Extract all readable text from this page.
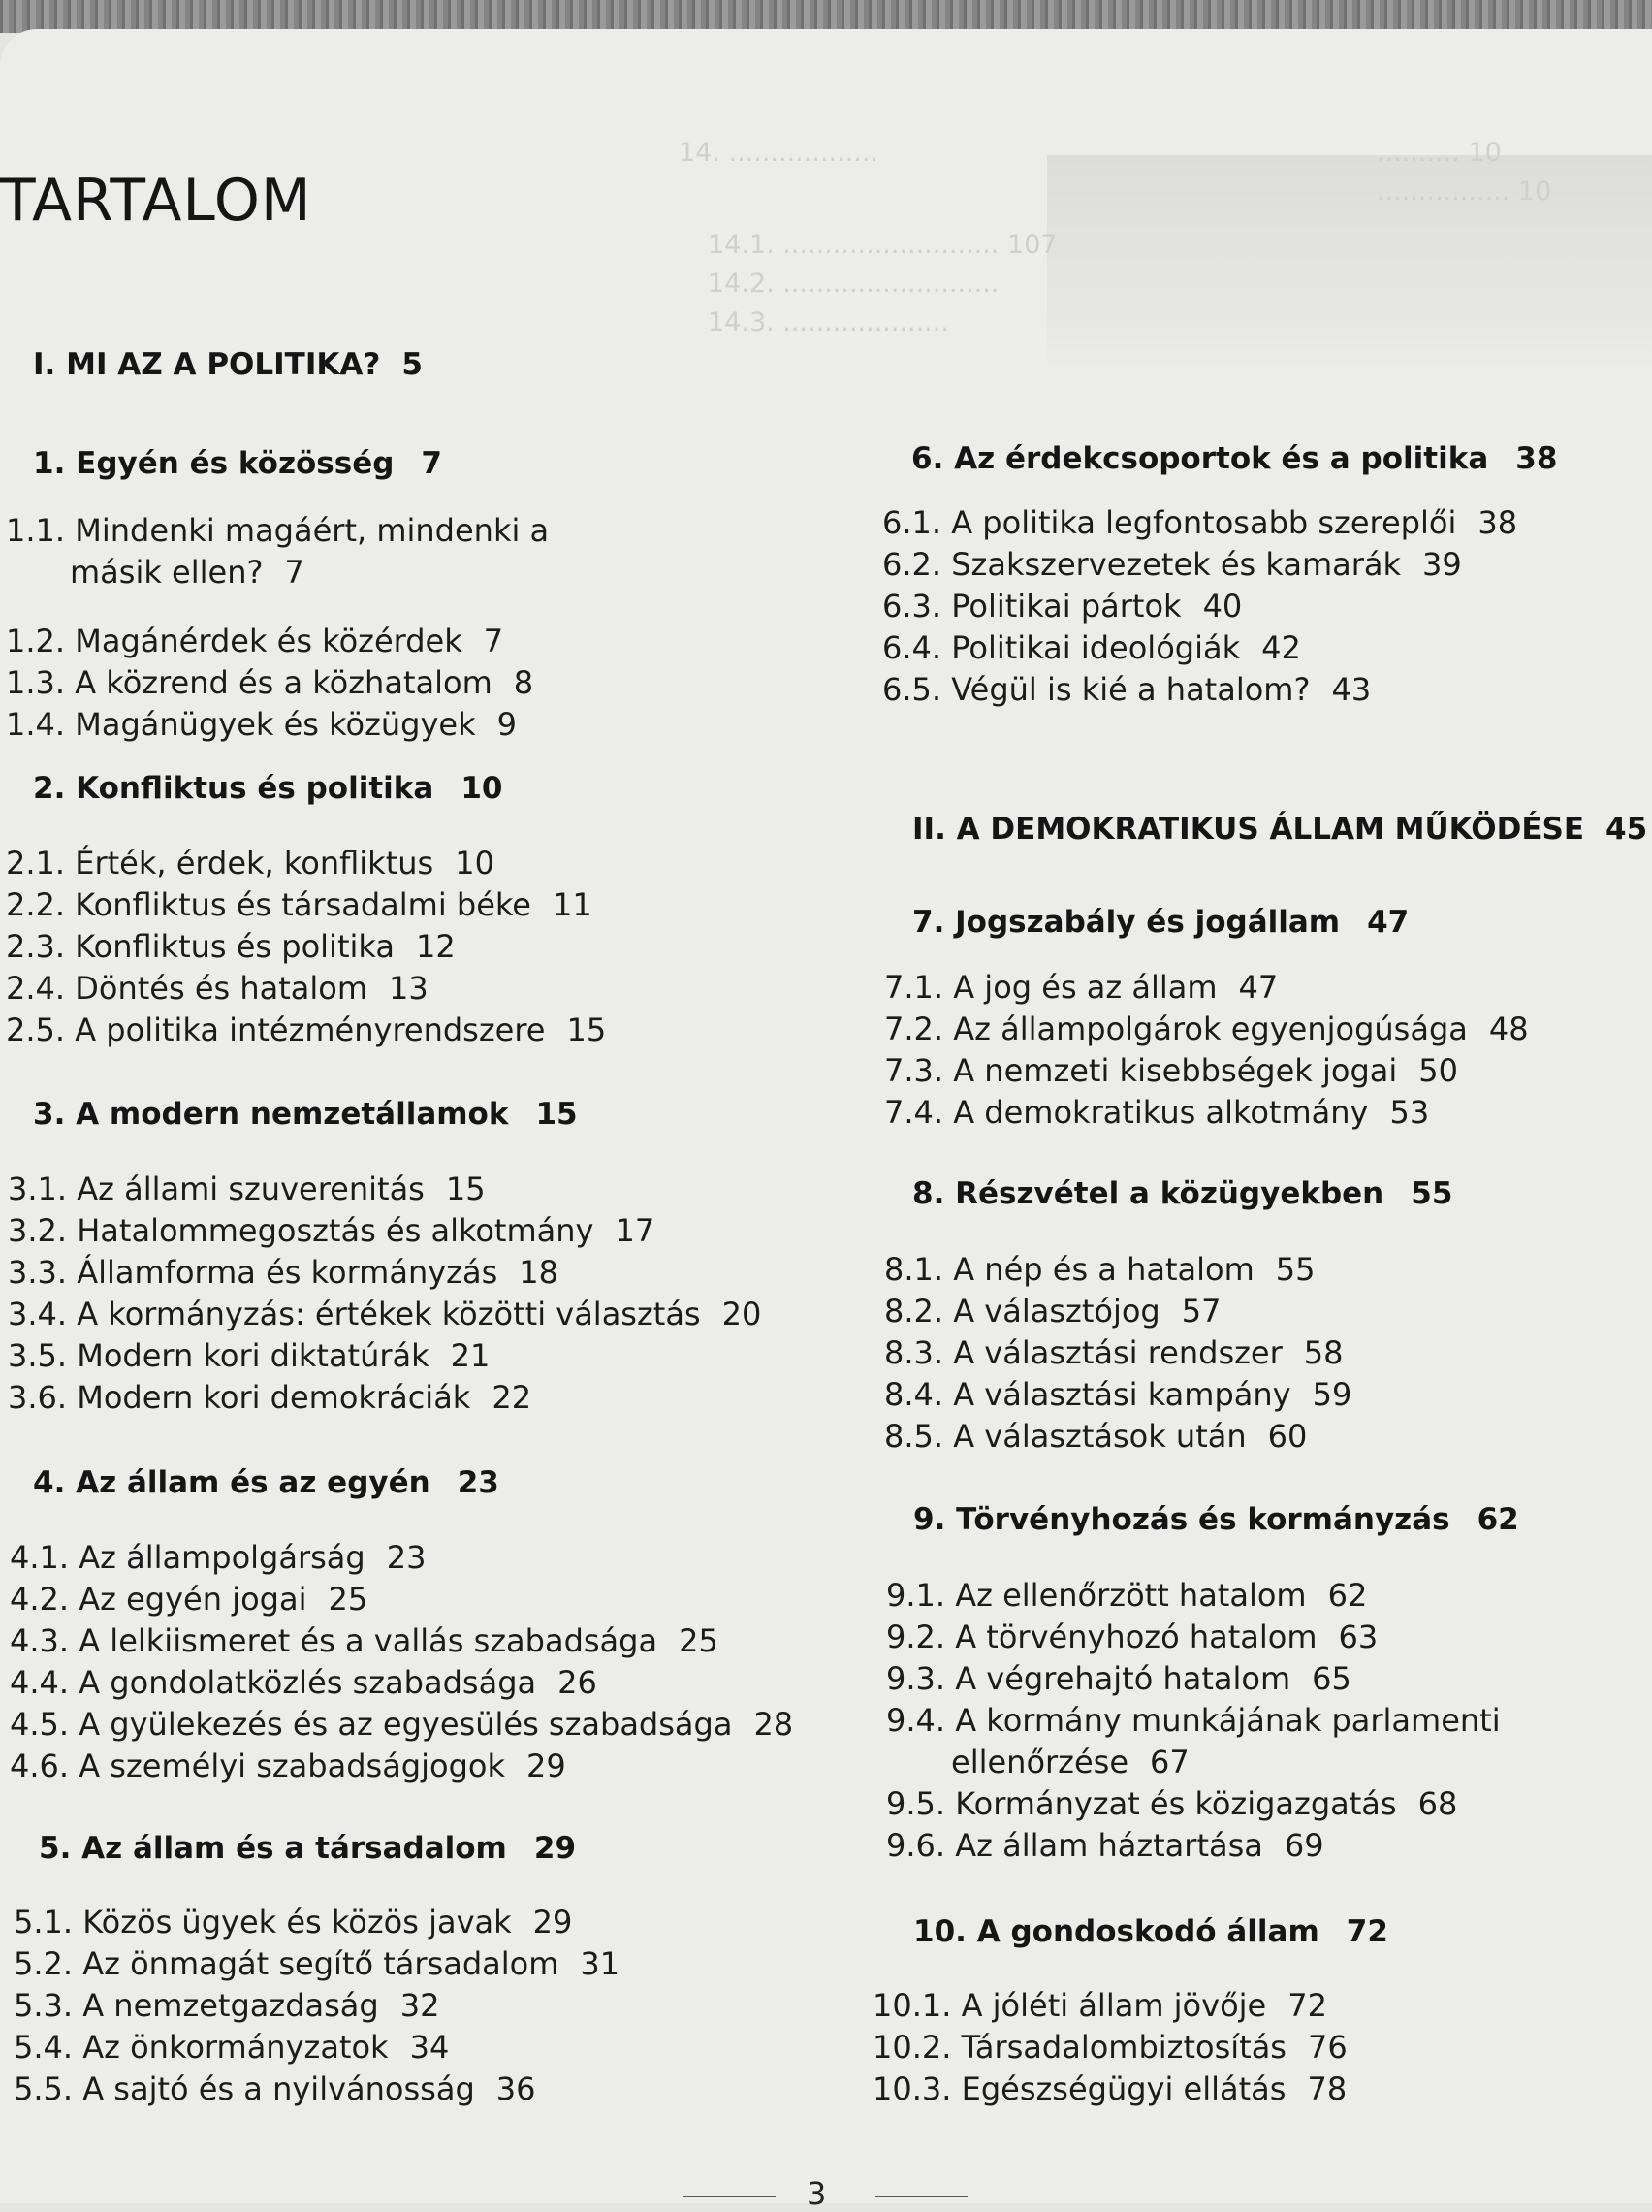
14. ..................
14.1. .......................... 107
14.2. ..........................
14.3. ....................
.......... 10
................ 10
TARTALOM
I. MI AZ A POLITIKA? 5
1. Egyén és közösség 7
1.1. Mindenki magáért, mindenki a
másik ellen? 7
1.2. Magánérdek és közérdek 7
1.3. A közrend és a közhatalom 8
1.4. Magánügyek és közügyek 9
2. Konfliktus és politika 10
2.1. Érték, érdek, konfliktus 10
2.2. Konfliktus és társadalmi béke 11
2.3. Konfliktus és politika 12
2.4. Döntés és hatalom 13
2.5. A politika intézményrendszere 15
3. A modern nemzetállamok 15
3.1. Az állami szuverenitás 15
3.2. Hatalommegosztás és alkotmány 17
3.3. Államforma és kormányzás 18
3.4. A kormányzás: értékek közötti választás 20
3.5. Modern kori diktatúrák 21
3.6. Modern kori demokráciák 22
4. Az állam és az egyén 23
4.1. Az állampolgárság 23
4.2. Az egyén jogai 25
4.3. A lelkiismeret és a vallás szabadsága 25
4.4. A gondolatközlés szabadsága 26
4.5. A gyülekezés és az egyesülés szabadsága 28
4.6. A személyi szabadságjogok 29
5. Az állam és a társadalom 29
5.1. Közös ügyek és közös javak 29
5.2. Az önmagát segítő társadalom 31
5.3. A nemzetgazdaság 32
5.4. Az önkormányzatok 34
5.5. A sajtó és a nyilvánosság 36
6. Az érdekcsoportok és a politika 38
6.1. A politika legfontosabb szereplői 38
6.2. Szakszervezetek és kamarák 39
6.3. Politikai pártok 40
6.4. Politikai ideológiák 42
6.5. Végül is kié a hatalom? 43
II. A DEMOKRATIKUS ÁLLAM MŰKÖDÉSE 45
7. Jogszabály és jogállam 47
7.1. A jog és az állam 47
7.2. Az állampolgárok egyenjogúsága 48
7.3. A nemzeti kisebbségek jogai 50
7.4. A demokratikus alkotmány 53
8. Részvétel a közügyekben 55
8.1. A nép és a hatalom 55
8.2. A választójog 57
8.3. A választási rendszer 58
8.4. A választási kampány 59
8.5. A választások után 60
9. Törvényhozás és kormányzás 62
9.1. Az ellenőrzött hatalom 62
9.2. A törvényhozó hatalom 63
9.3. A végrehajtó hatalom 65
9.4. A kormány munkájának parlamenti
ellenőrzése 67
9.5. Kormányzat és közigazgatás 68
9.6. Az állam háztartása 69
10. A gondoskodó állam 72
10.1. A jóléti állam jövője 72
10.2. Társadalombiztosítás 76
10.3. Egészségügyi ellátás 78
3
